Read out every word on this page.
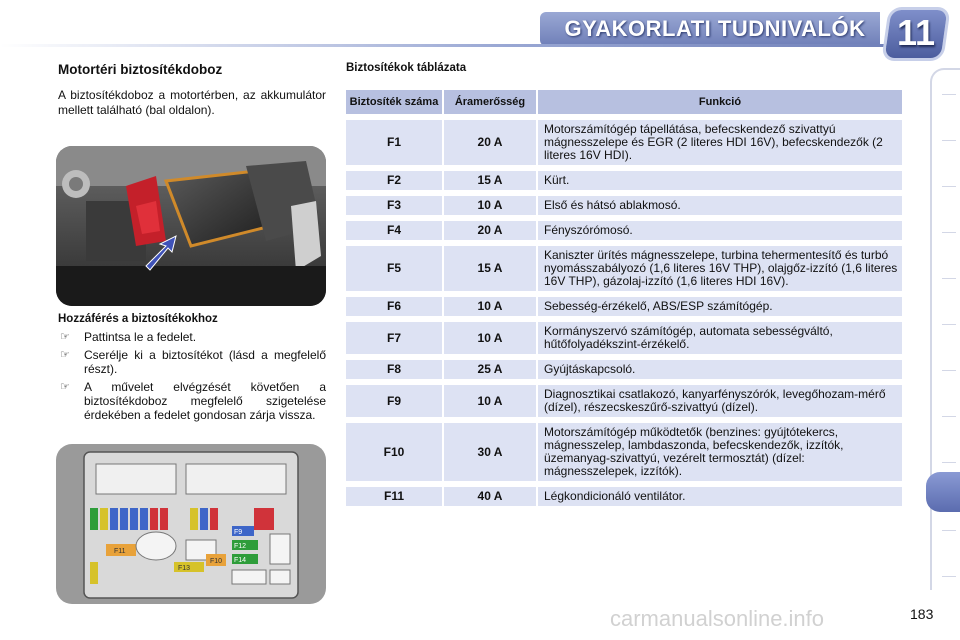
GYAKORLATI TUDNIVALÓK 11
Motortéri biztosítékdoboz

A biztosítékdoboz a motortérben, az akkumulátor mellett található (bal oldalon).

Hozzáférés a biztosítékokhoz
☞ Pattintsa le a fedelet.
☞ Cserélje ki a biztosítékot (lásd a megfelelő részt).
☞ A művelet elvégzését követően a biztosítékdoboz megfelelő szigetelése érdekében a fedelet gondosan zárja vissza.
F9
F12
F14
F11
F10
F13
Biztosítékok táblázata
Biztosíték száma	Áramerősség	Funkció
F1	20 A	Motorszámítógép tápellátása, befecskendező szivattyú mágnesszelepe és EGR (2 literes HDI 16V), befecskendezők (2 literes 16V HDI).
F2	15 A	Kürt.
F3	10 A	Első és hátsó ablakmosó.
F4	20 A	Fényszórómosó.
F5	15 A	Kaniszter ürítés mágnesszelepe, turbina tehermentesítő és turbó nyomásszabályozó (1,6 literes 16V THP), olajgőz-izzító (1,6 literes 16V THP), gázolaj-izzító (1,6 literes HDI 16V).
F6	10 A	Sebesség-érzékelő, ABS/ESP számítógép.
F7	10 A	Kormányszervó számítógép, automata sebességváltó, hűtőfolyadékszint-érzékelő.
F8	25 A	Gyújtáskapcsoló.
F9	10 A	Diagnosztikai csatlakozó, kanyarfényszórók, levegőhozam-mérő (dízel), részecskeszűrő-szivattyú (dízel).
F10	30 A	Motorszámítógép működtetők (benzines: gyújtótekercs, mágnesszelep, lambdaszonda, befecskendezők, izzítók, üzemanyag-szivattyú, vezérelt termosztát) (dízel: mágnesszelepek, izzítók).
F11	40 A	Légkondicionáló ventilátor.
carmanualsonline.info	183
